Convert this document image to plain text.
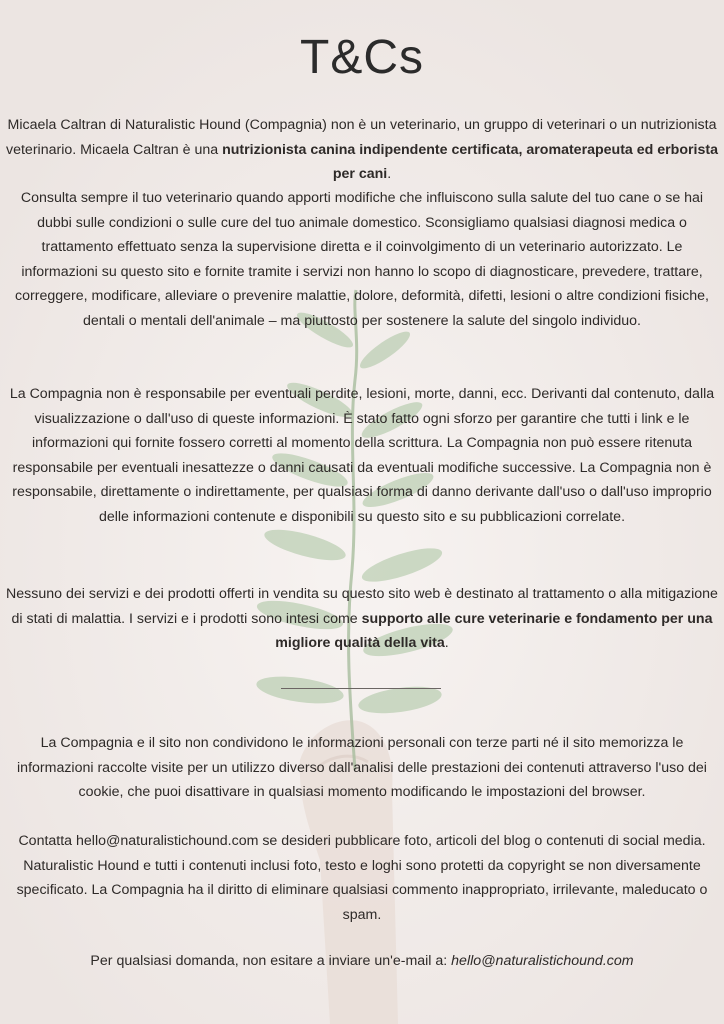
T&Cs
Micaela Caltran di Naturalistic Hound (Compagnia) non è un veterinario, un gruppo di veterinari o un nutrizionista veterinario. Micaela Caltran è una nutrizionista canina indipendente certificata, aromaterapeuta ed erborista per cani.
Consulta sempre il tuo veterinario quando apporti modifiche che influiscono sulla salute del tuo cane o se hai dubbi sulle condizioni o sulle cure del tuo animale domestico. Sconsigliamo qualsiasi diagnosi medica o trattamento effettuato senza la supervisione diretta e il coinvolgimento di un veterinario autorizzato. Le informazioni su questo sito e fornite tramite i servizi non hanno lo scopo di diagnosticare, prevedere, trattare, correggere, modificare, alleviare o prevenire malattie, dolore, deformità, difetti, lesioni o altre condizioni fisiche, dentali o mentali dell'animale – ma piuttosto per sostenere la salute del singolo individuo.
La Compagnia non è responsabile per eventuali perdite, lesioni, morte, danni, ecc. Derivanti dal contenuto, dalla visualizzazione o dall'uso di queste informazioni. È stato fatto ogni sforzo per garantire che tutti i link e le informazioni qui fornite fossero corretti al momento della scrittura. La Compagnia non può essere ritenuta responsabile per eventuali inesattezze o danni causati da eventuali modifiche successive. La Compagnia non è responsabile, direttamente o indirettamente, per qualsiasi forma di danno derivante dall'uso o dall'uso improprio delle informazioni contenute e disponibili su questo sito e su pubblicazioni correlate.
Nessuno dei servizi e dei prodotti offerti in vendita su questo sito web è destinato al trattamento o alla mitigazione di stati di malattia. I servizi e i prodotti sono intesi come supporto alle cure veterinarie e fondamento per una migliore qualità della vita.
La Compagnia e il sito non condividono le informazioni personali con terze parti né il sito memorizza le informazioni raccolte visite per un utilizzo diverso dall'analisi delle prestazioni dei contenuti attraverso l'uso dei cookie, che puoi disattivare in qualsiasi momento modificando le impostazioni del browser.
Contatta hello@naturalistichound.com se desideri pubblicare foto, articoli del blog o contenuti di social media. Naturalistic Hound e tutti i contenuti inclusi foto, testo e loghi sono protetti da copyright se non diversamente specificato. La Compagnia ha il diritto di eliminare qualsiasi commento inappropriato, irrilevante, maleducato o spam.
Per qualsiasi domanda, non esitare a inviare un'e-mail a: hello@naturalistichound.com
